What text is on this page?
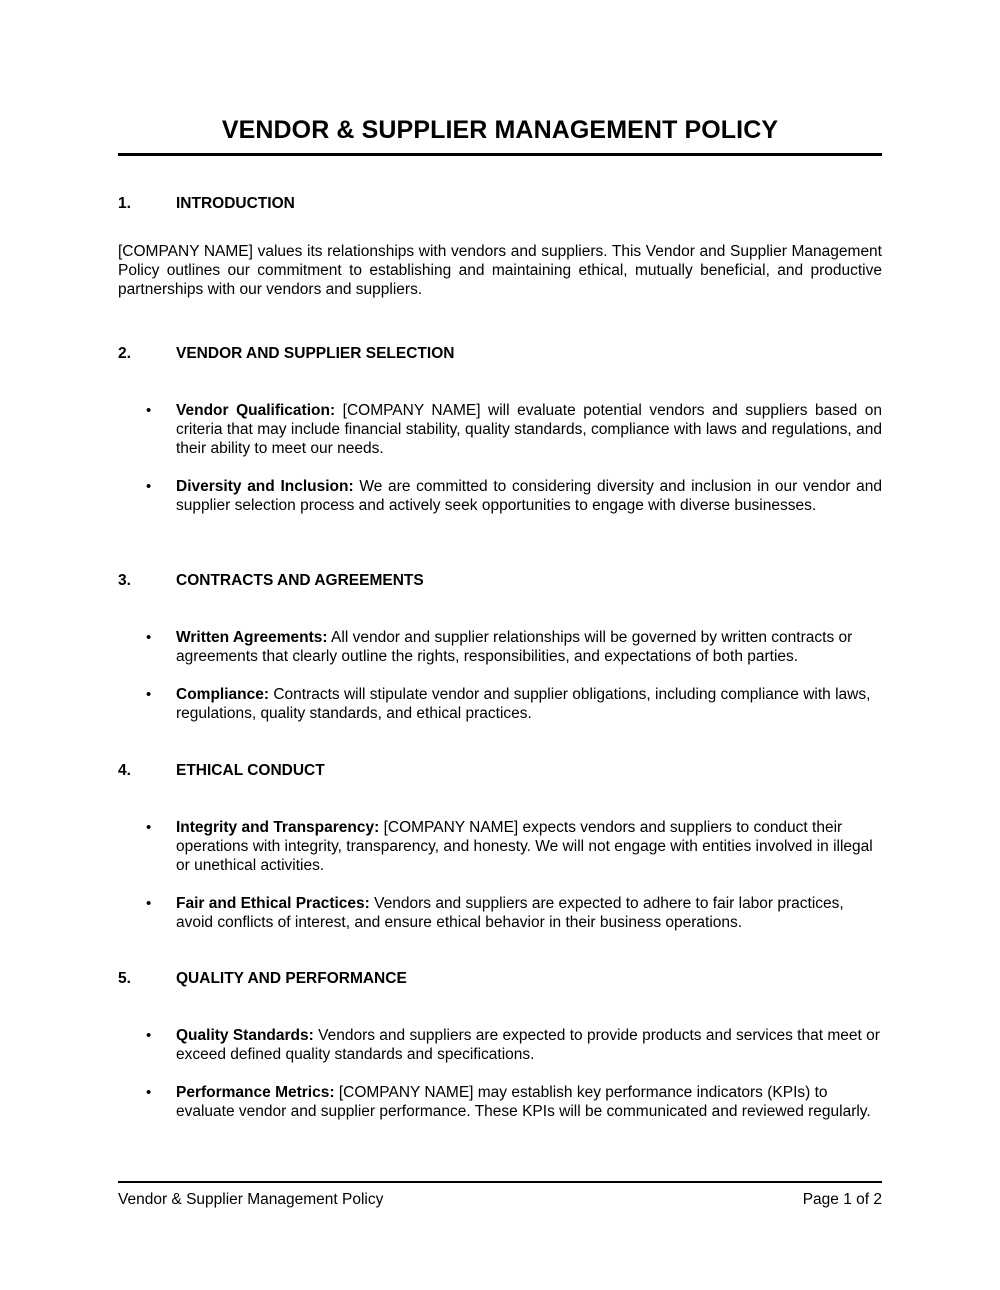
VENDOR & SUPPLIER MANAGEMENT POLICY
1.	INTRODUCTION
[COMPANY NAME] values its relationships with vendors and suppliers. This Vendor and Supplier Management Policy outlines our commitment to establishing and maintaining ethical, mutually beneficial, and productive partnerships with our vendors and suppliers.
2.	VENDOR AND SUPPLIER SELECTION
• Vendor Qualification: [COMPANY NAME] will evaluate potential vendors and suppliers based on criteria that may include financial stability, quality standards, compliance with laws and regulations, and their ability to meet our needs.
• Diversity and Inclusion: We are committed to considering diversity and inclusion in our vendor and supplier selection process and actively seek opportunities to engage with diverse businesses.
3.	CONTRACTS AND AGREEMENTS
• Written Agreements: All vendor and supplier relationships will be governed by written contracts or agreements that clearly outline the rights, responsibilities, and expectations of both parties.
• Compliance: Contracts will stipulate vendor and supplier obligations, including compliance with laws, regulations, quality standards, and ethical practices.
4.	ETHICAL CONDUCT
• Integrity and Transparency: [COMPANY NAME] expects vendors and suppliers to conduct their operations with integrity, transparency, and honesty. We will not engage with entities involved in illegal or unethical activities.
• Fair and Ethical Practices: Vendors and suppliers are expected to adhere to fair labor practices, avoid conflicts of interest, and ensure ethical behavior in their business operations.
5.	QUALITY AND PERFORMANCE
• Quality Standards: Vendors and suppliers are expected to provide products and services that meet or exceed defined quality standards and specifications.
• Performance Metrics: [COMPANY NAME] may establish key performance indicators (KPIs) to evaluate vendor and supplier performance. These KPIs will be communicated and reviewed regularly.
Vendor & Supplier Management Policy	Page 1 of 2
